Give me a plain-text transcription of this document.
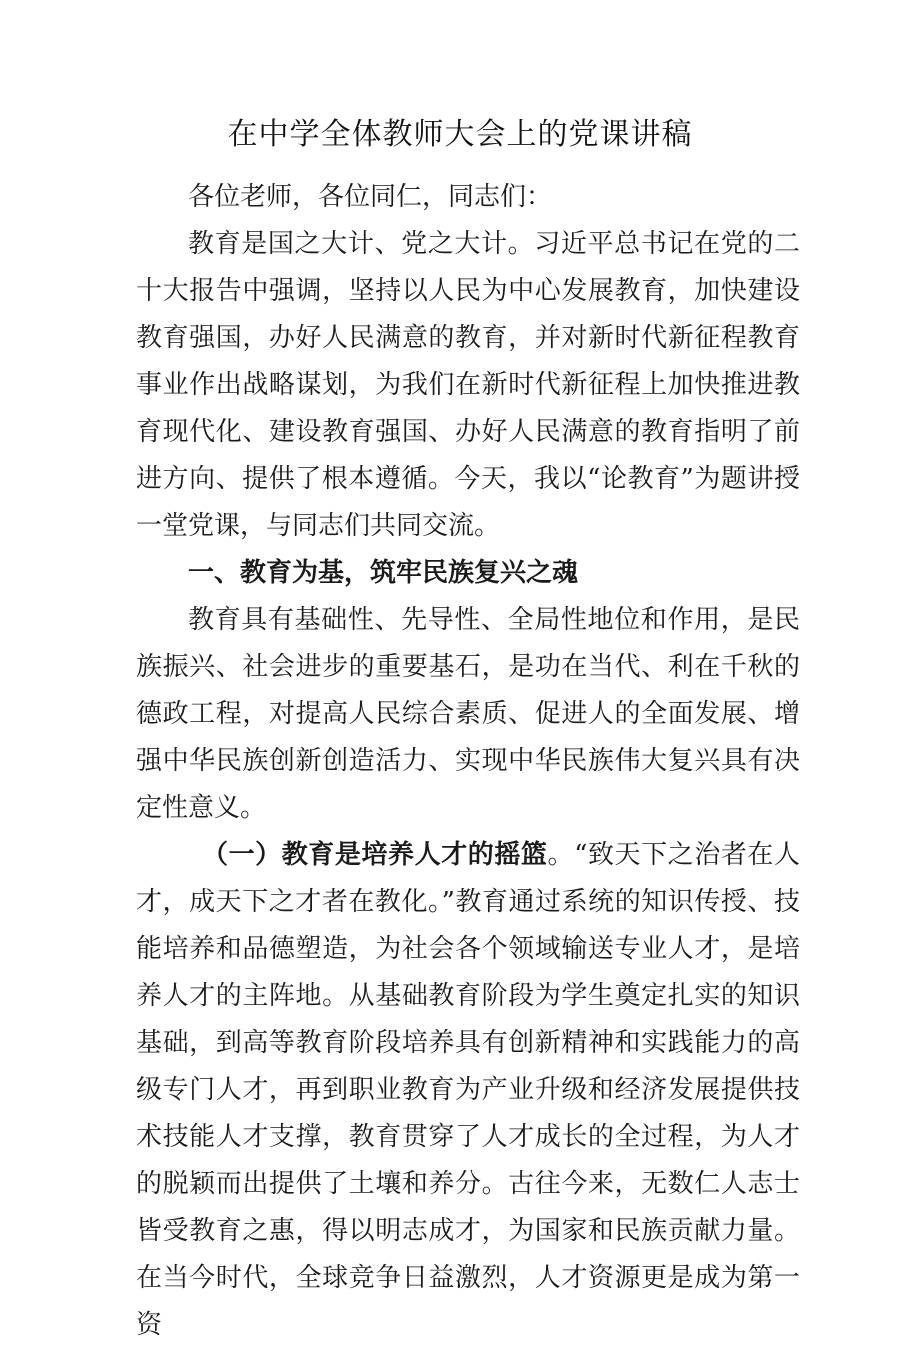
在中学全体教师大会上的党课讲稿

各位老师，各位同仁，同志们：

教育是国之大计、党之大计。习近平总书记在党的二十大报告中强调，坚持以人民为中心发展教育，加快建设教育强国，办好人民满意的教育，并对新时代新征程教育事业作出战略谋划，为我们在新时代新征程上加快推进教育现代化、建设教育强国、办好人民满意的教育指明了前进方向、提供了根本遵循。今天，我以“论教育”为题讲授一堂党课，与同志们共同交流。

一、教育为基，筑牢民族复兴之魂

教育具有基础性、先导性、全局性地位和作用，是民族振兴、社会进步的重要基石，是功在当代、利在千秋的德政工程，对提高人民综合素质、促进人的全面发展、增强中华民族创新创造活力、实现中华民族伟大复兴具有决定性意义。

（一）教育是培养人才的摇篮。“致天下之治者在人才，成天下之才者在教化。”教育通过系统的知识传授、技能培养和品德塑造，为社会各个领域输送专业人才，是培养人才的主阵地。从基础教育阶段为学生奠定扎实的知识基础，到高等教育阶段培养具有创新精神和实践能力的高级专门人才，再到职业教育为产业升级和经济发展提供技术技能人才支撑，教育贯穿了人才成长的全过程，为人才的脱颖而出提供了土壤和养分。古往今来，无数仁人志士皆受教育之惠，得以明志成才，为国家和民族贡献力量。在当今时代，全球竞争日益激烈，人才资源更是成为第一资
